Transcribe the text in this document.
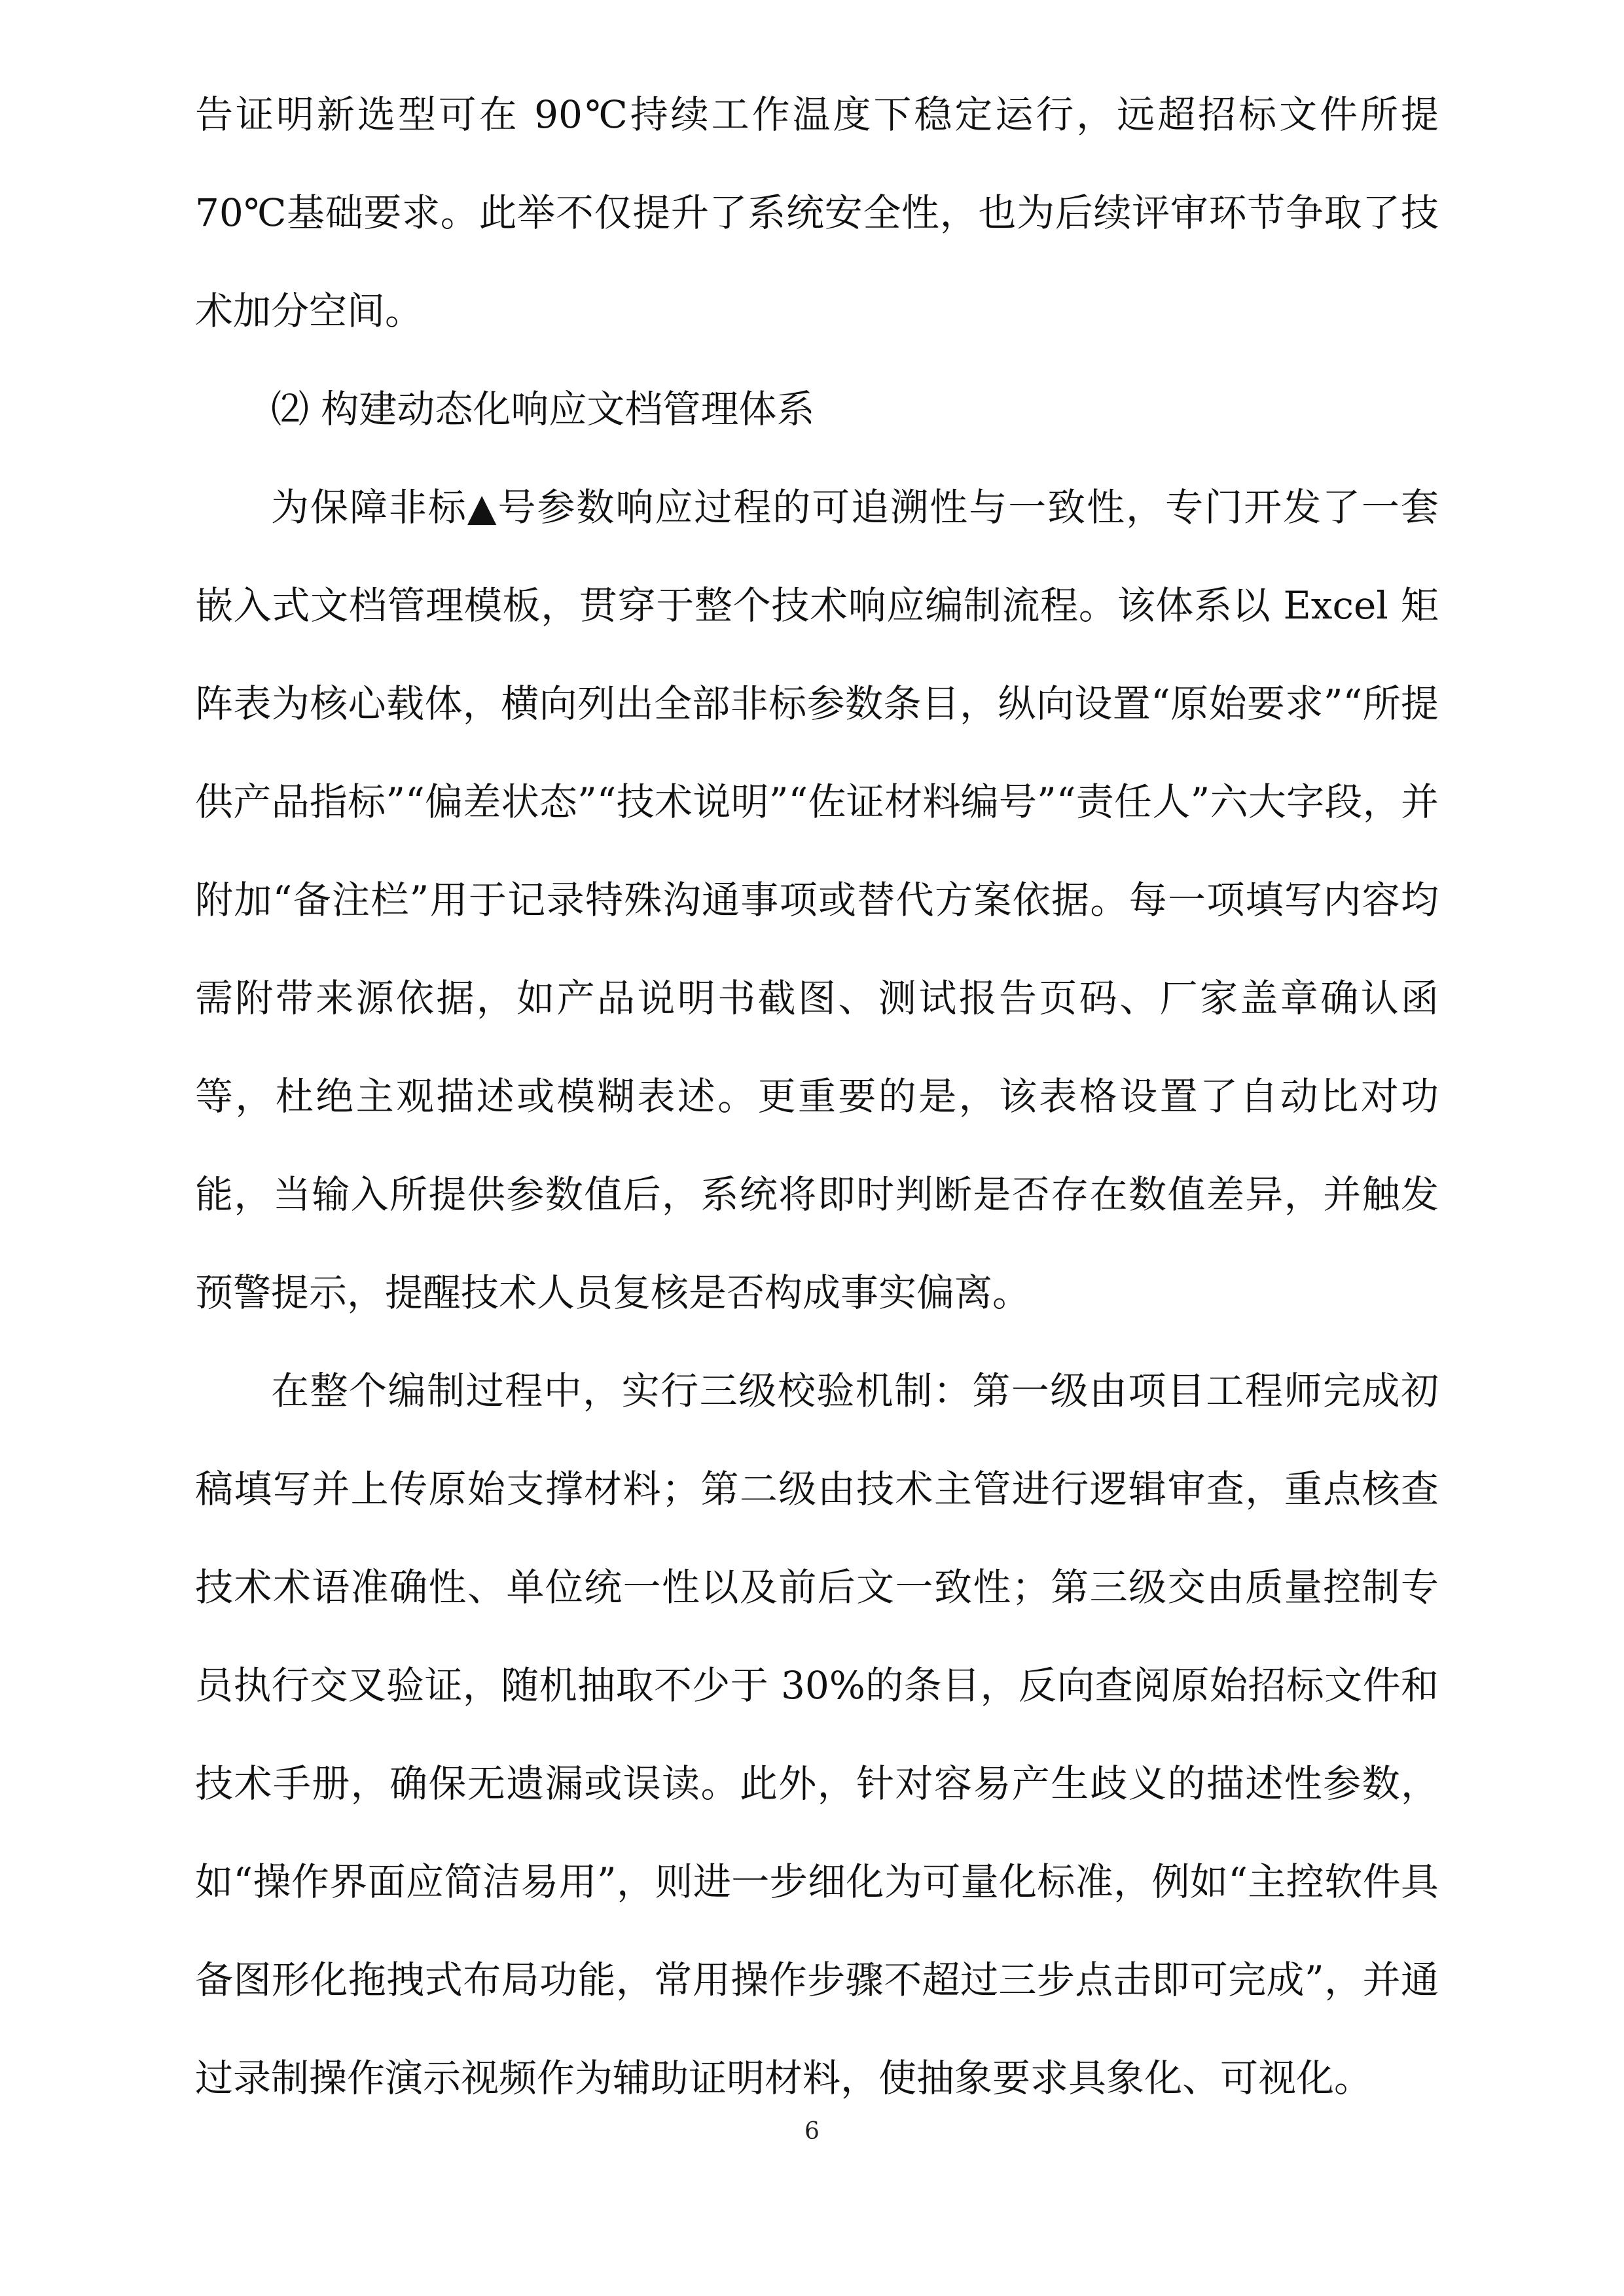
告证明新选型可在 90℃持续工作温度下稳定运行，远超招标文件所提 70℃基础要求。此举不仅提升了系统安全性，也为后续评审环节争取了技术加分空间。

⑵ 构建动态化响应文档管理体系

为保障非标▲号参数响应过程的可追溯性与一致性，专门开发了一套嵌入式文档管理模板，贯穿于整个技术响应编制流程。该体系以 Excel 矩阵表为核心载体，横向列出全部非标参数条目，纵向设置“原始要求”“所提供产品指标”“偏差状态”“技术说明”“佐证材料编号”“责任人”六大字段，并附加“备注栏”用于记录特殊沟通事项或替代方案依据。每一项填写内容均需附带来源依据，如产品说明书截图、测试报告页码、厂家盖章确认函等，杜绝主观描述或模糊表述。更重要的是，该表格设置了自动比对功能，当输入所提供参数值后，系统将即时判断是否存在数值差异，并触发预警提示，提醒技术人员复核是否构成事实偏离。

在整个编制过程中，实行三级校验机制：第一级由项目工程师完成初稿填写并上传原始支撑材料；第二级由技术主管进行逻辑审查，重点核查技术术语准确性、单位统一性以及前后文一致性；第三级交由质量控制专员执行交叉验证，随机抽取不少于 30%的条目，反向查阅原始招标文件和技术手册，确保无遗漏或误读。此外，针对容易产生歧义的描述性参数，如“操作界面应简洁易用”，则进一步细化为可量化标准，例如“主控软件具备图形化拖拽式布局功能，常用操作步骤不超过三步点击即可完成”，并通过录制操作演示视频作为辅助证明材料，使抽象要求具象化、可视化。

6
